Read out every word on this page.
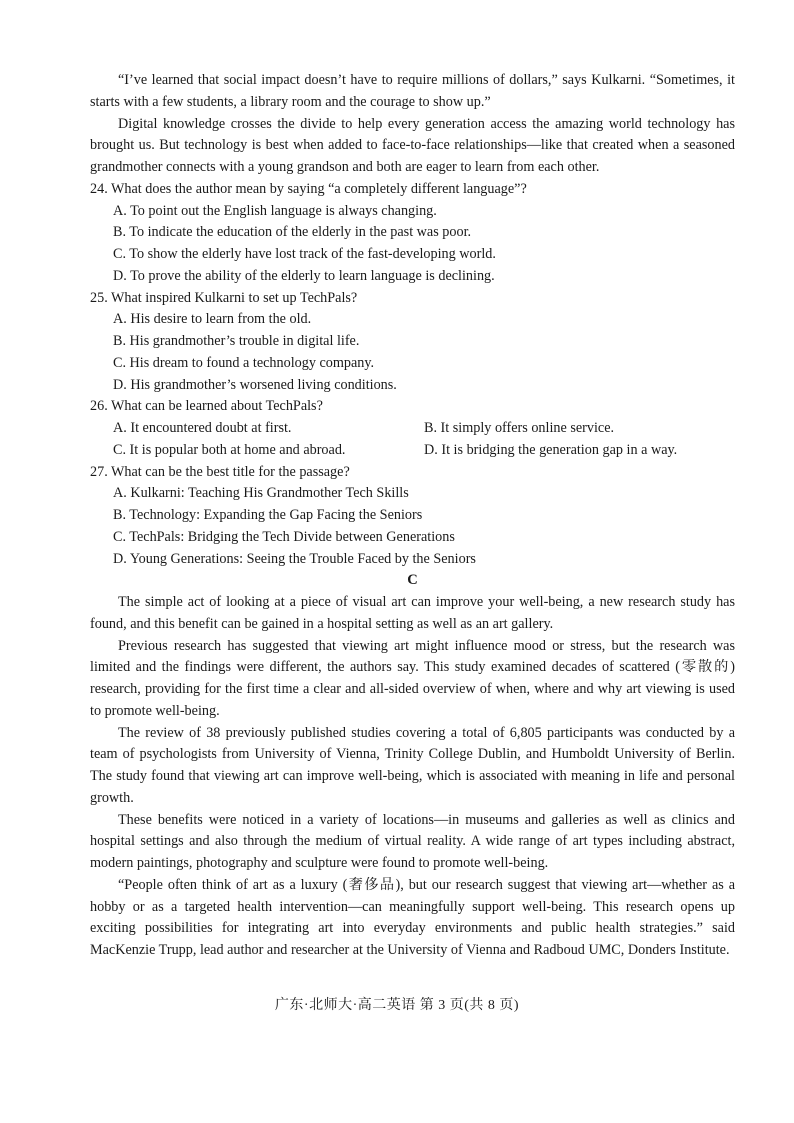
“I’ve learned that social impact doesn’t have to require millions of dollars,” says Kulkarni. “Sometimes, it starts with a few students, a library room and the courage to show up.”

Digital knowledge crosses the divide to help every generation access the amazing world technology has brought us. But technology is best when added to face-to-face relationships—like that created when a seasoned grandmother connects with a young grandson and both are eager to learn from each other.

24. What does the author mean by saying “a completely different language”?

A. To point out the English language is always changing.

B. To indicate the education of the elderly in the past was poor.

C. To show the elderly have lost track of the fast-developing world.

D. To prove the ability of the elderly to learn language is declining.

25. What inspired Kulkarni to set up TechPals?

A. His desire to learn from the old.

B. His grandmother’s trouble in digital life.

C. His dream to found a technology company.

D. His grandmother’s worsened living conditions.

26. What can be learned about TechPals?

A. It encountered doubt at first.	B. It simply offers online service.
C. It is popular both at home and abroad.	D. It is bridging the generation gap in a way.

27. What can be the best title for the passage?

A. Kulkarni: Teaching His Grandmother Tech Skills

B. Technology: Expanding the Gap Facing the Seniors

C. TechPals: Bridging the Tech Divide between Generations

D. Young Generations: Seeing the Trouble Faced by the Seniors

C

The simple act of looking at a piece of visual art can improve your well-being, a new research study has found, and this benefit can be gained in a hospital setting as well as an art gallery.

Previous research has suggested that viewing art might influence mood or stress, but the research was limited and the findings were different, the authors say. This study examined decades of scattered (零散的) research, providing for the first time a clear and all-sided overview of when, where and why art viewing is used to promote well-being.

The review of 38 previously published studies covering a total of 6,805 participants was conducted by a team of psychologists from University of Vienna, Trinity College Dublin, and Humboldt University of Berlin. The study found that viewing art can improve well-being, which is associated with meaning in life and personal growth.

These benefits were noticed in a variety of locations—in museums and galleries as well as clinics and hospital settings and also through the medium of virtual reality. A wide range of art types including abstract, modern paintings, photography and sculpture were found to promote well-being.

“People often think of art as a luxury (奢侈品), but our research suggest that viewing art—whether as a hobby or as a targeted health intervention—can meaningfully support well-being. This research opens up exciting possibilities for integrating art into everyday environments and public health strategies.” said MacKenzie Trupp, lead author and researcher at the University of Vienna and Radboud UMC, Donders Institute.

广东·北师大·高二英语 第 3 页(共 8 页)
